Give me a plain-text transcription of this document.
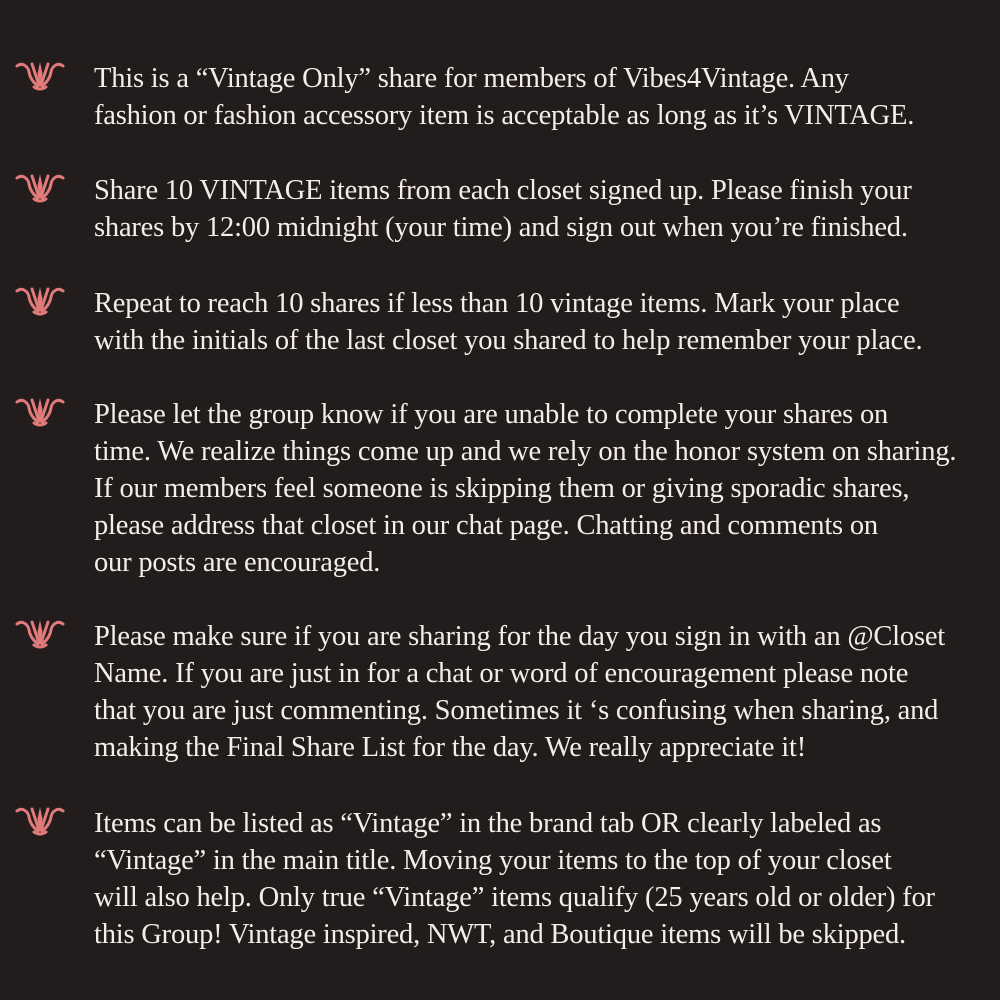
This is a “Vintage Only” share for members of Vibes4Vintage. Any
fashion or fashion accessory item is acceptable as long as it’s VINTAGE.
Share 10 VINTAGE items from each closet signed up. Please finish your
shares by 12:00 midnight (your time) and sign out when you’re finished.
Repeat to reach 10 shares if less than 10 vintage items. Mark your place
with the initials of the last closet you shared to help remember your place.
Please let the group know if you are unable to complete your shares on
time. We realize things come up and we rely on the honor system on sharing.
If our members feel someone is skipping them or giving sporadic shares,
please address that closet in our chat page. Chatting and comments on
our posts are encouraged.
Please make sure if you are sharing for the day you sign in with an @Closet
Name. If you are just in for a chat or word of encouragement please note
that you are just commenting. Sometimes it ‘s confusing when sharing, and
making the Final Share List for the day. We really appreciate it!
Items can be listed as “Vintage” in the brand tab OR clearly labeled as
“Vintage” in the main title. Moving your items to the top of your closet
will also help. Only true “Vintage” items qualify (25 years old or older) for
this Group! Vintage inspired, NWT, and Boutique items will be skipped.
